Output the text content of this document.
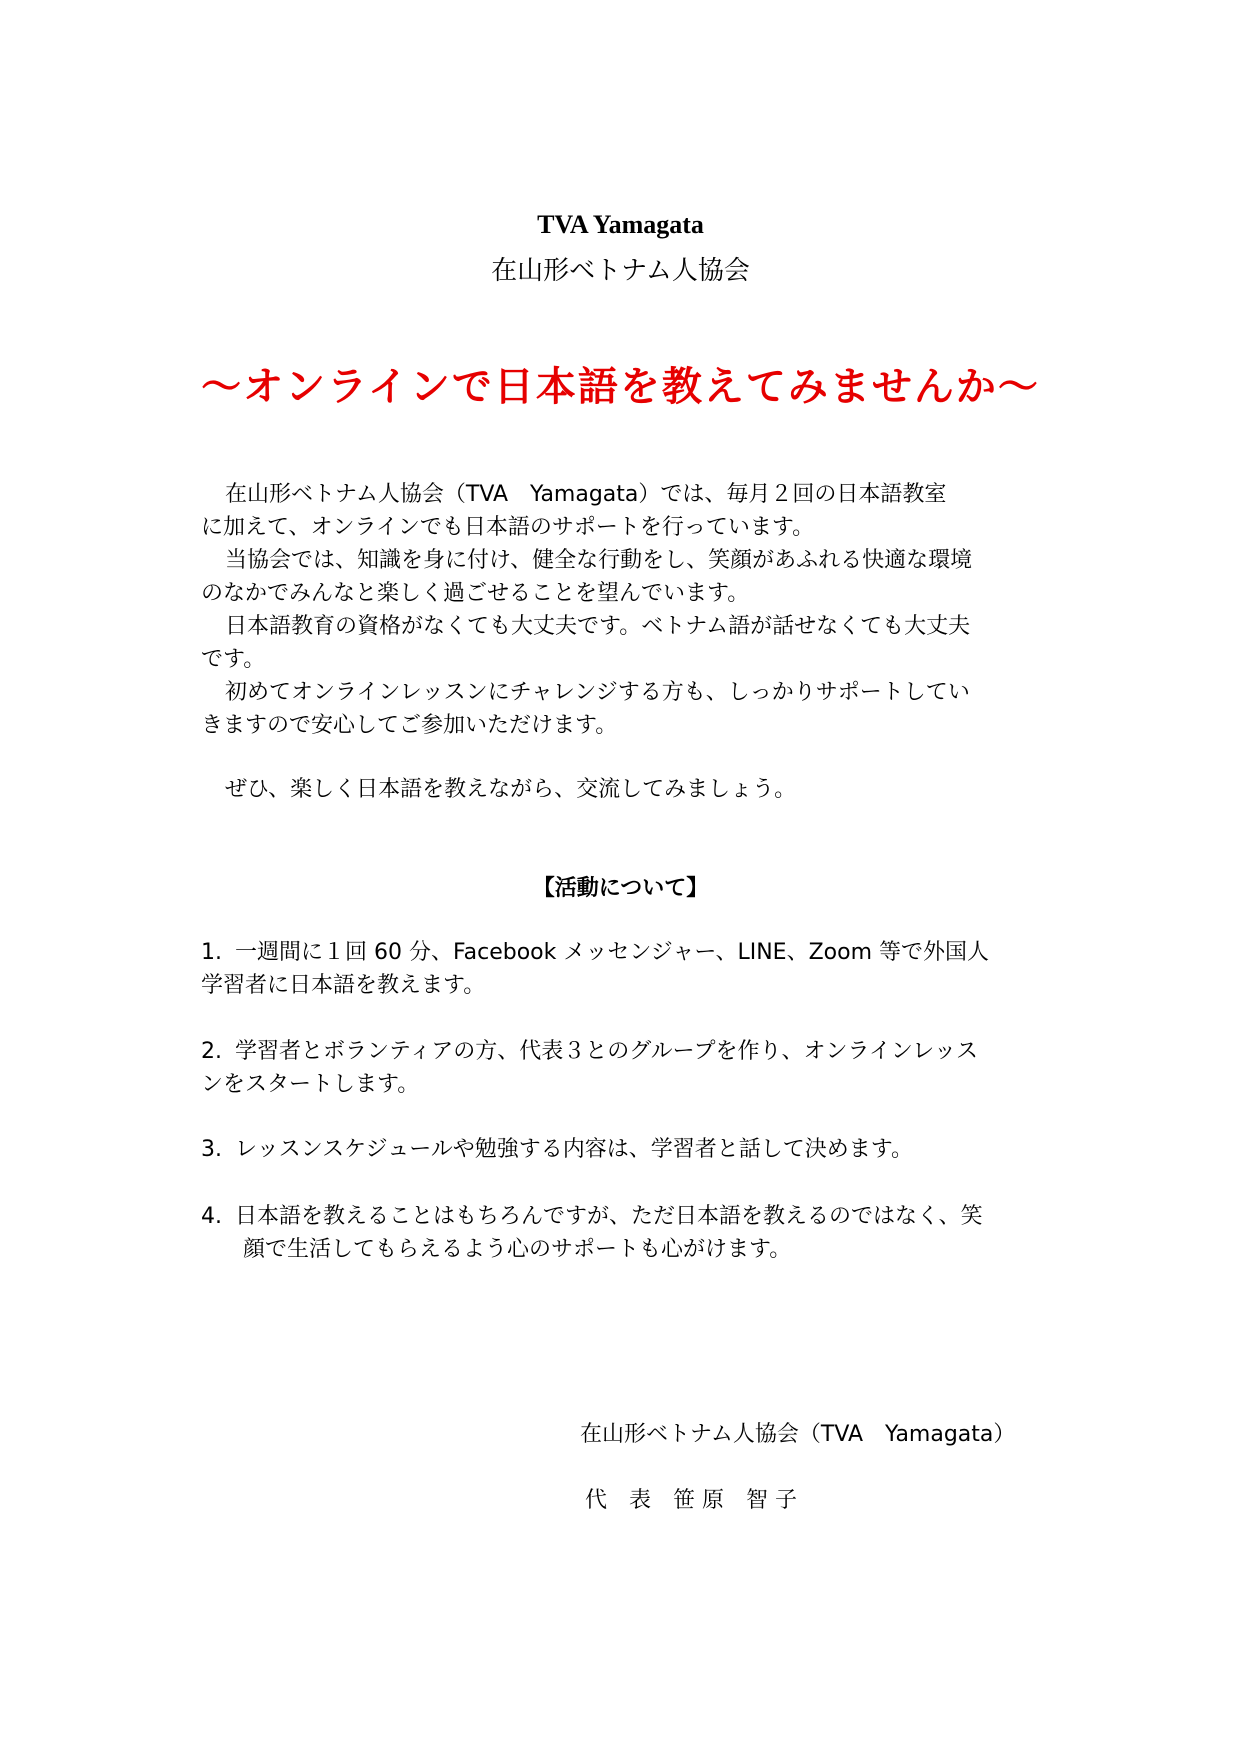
TVA Yamagata
在山形ベトナム人協会
～オンラインで日本語を教えてみませんか～

在山形ベトナム人協会（TVA　Yamagata）では、毎月２回の日本語教室

に加えて、オンラインでも日本語のサポートを行っています。

当協会では、知識を身に付け、健全な行動をし、笑顔があふれる快適な環境

のなかでみんなと楽しく過ごせることを望んでいます。

日本語教育の資格がなくても大丈夫です。ベトナム語が話せなくても大丈夫

です。

初めてオンラインレッスンにチャレンジする方も、しっかりサポートしてい

きますので安心してご参加いただけます。

ぜひ、楽しく日本語を教えながら、交流してみましょう。
【活動について】
1. 一週間に１回 60 分、Facebook メッセンジャー、LINE、Zoom 等で外国人
学習者に日本語を教えます。
2. 学習者とボランティアの方、代表３とのグループを作り、オンラインレッス
ンをスタートします。
3. レッスンスケジュールや勉強する内容は、学習者と話して決めます。
4. 日本語を教えることはもちろんですが、ただ日本語を教えるのではなく、笑
顔で生活してもらえるよう心のサポートも心がけます。
在山形ベトナム人協会（TVA　Yamagata）
代　表　笹 原　智 子
